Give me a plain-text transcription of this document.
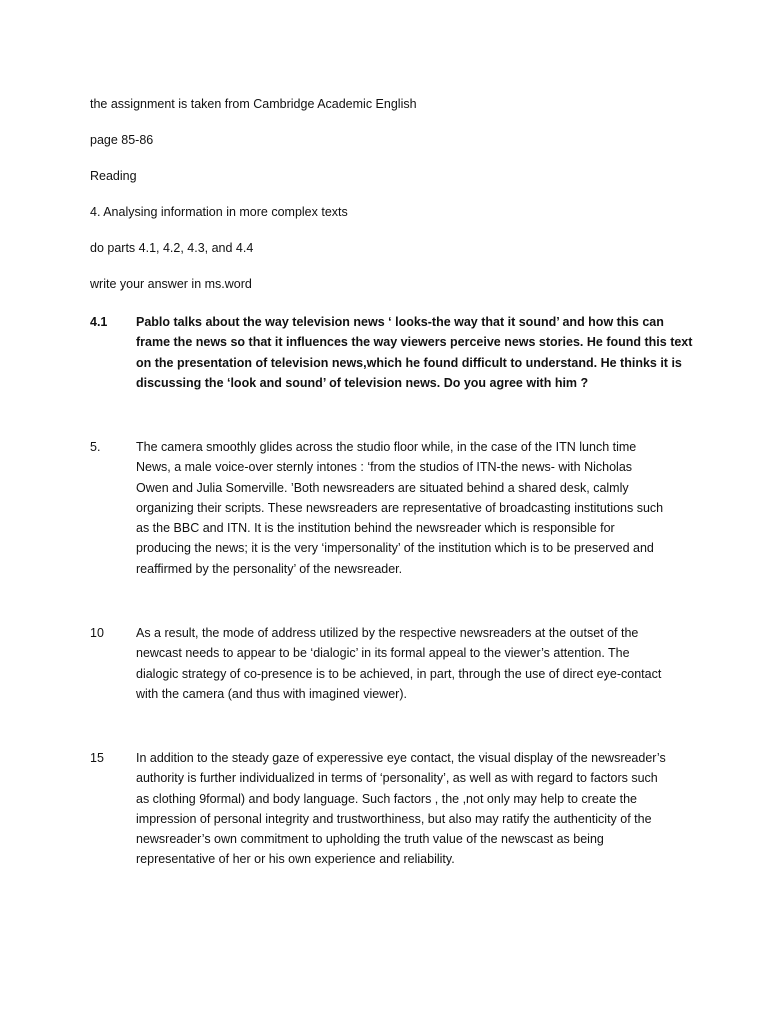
the assignment is taken from Cambridge Academic English
page 85-86
Reading
4. Analysing information in more complex texts
do parts 4.1, 4.2, 4.3, and 4.4
write your answer in ms.word
4.1 Pablo talks about the way television news ‘ looks-the way that it sound’ and how this can

frame the news so that it influences the way viewers perceive news stories. He found this text

on the presentation of television news,which he found difficult to understand. He thinks it is

discussing the ‘look and sound’ of television news. Do you agree with him ?

5.	The camera smoothly glides across the studio floor while, in the case of the ITN lunch time

News, a male voice-over sternly intones : ‘from the studios of ITN-the news- with Nicholas

Owen and Julia Somerville. ’Both newsreaders are situated behind a shared desk, calmly

organizing their scripts. These newsreaders are representative of broadcasting institutions such

as the BBC and ITN. It is the institution behind the newsreader which is responsible for

producing the news; it is the very ‘impersonality’ of the institution which is to be preserved and

reaffirmed by the personality’ of the newsreader.

10	As a result, the mode of address utilized by the respective newsreaders at the outset of the

newcast needs to appear to be ‘dialogic’ in its formal appeal to the viewer’s attention. The

dialogic strategy of co-presence is to be achieved, in part, through the use of direct eye-contact

with the camera (and thus with imagined viewer).

15	In addition to the steady gaze of experessive eye contact, the visual display of the newsreader’s

authority is further individualized in terms of ‘personality’, as well as with regard to factors such

as clothing 9formal) and body language. Such factors , the ,not only may help to create the

impression of personal integrity and trustworthiness, but also may ratify the authenticity of the

newsreader’s own commitment to upholding the truth value of the newscast as being

representative of her or his own experience and reliability.
